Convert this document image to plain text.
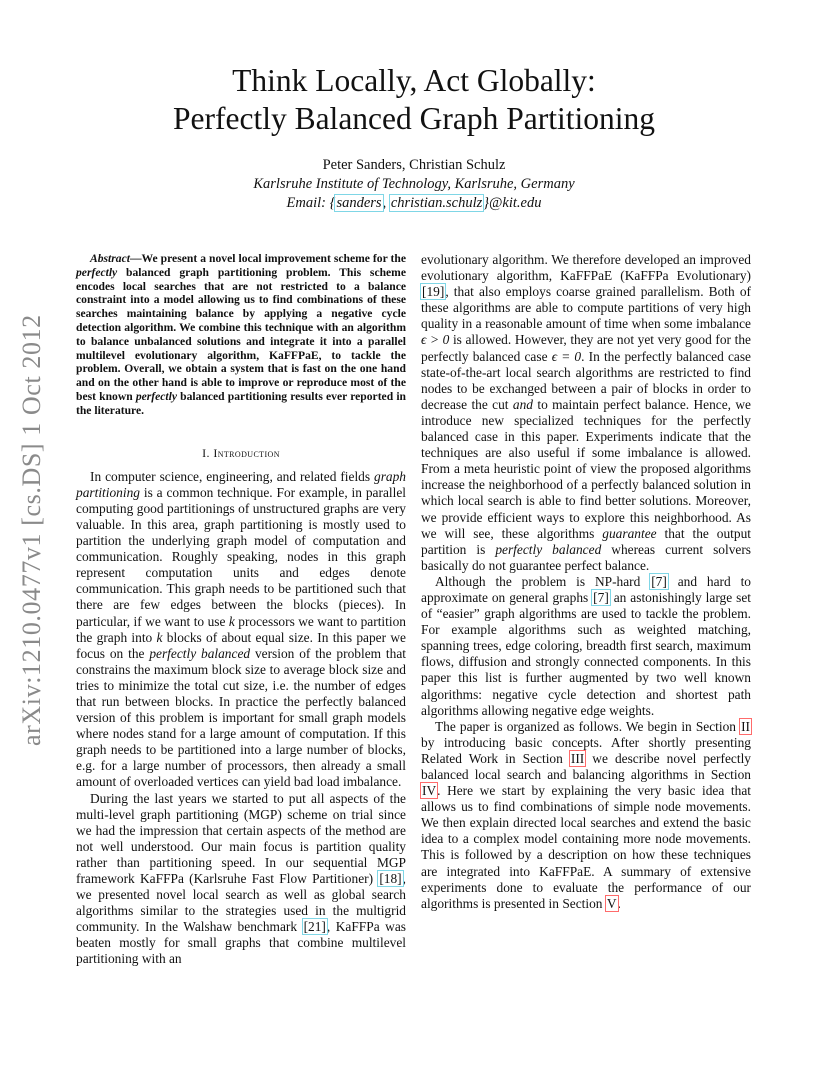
arXiv:1210.0477v1 [cs.DS] 1 Oct 2012
Think Locally, Act Globally:
Perfectly Balanced Graph Partitioning
Peter Sanders, Christian Schulz
Karlsruhe Institute of Technology, Karlsruhe, Germany
Email: {sanders, christian.schulz}@kit.edu

Abstract—We present a novel local improvement scheme for the perfectly balanced graph partitioning problem. This scheme encodes local searches that are not restricted to a balance constraint into a model allowing us to find combinations of these searches maintaining balance by applying a negative cycle detection algorithm. We combine this technique with an algorithm to balance unbalanced solutions and integrate it into a parallel multilevel evolutionary algorithm, KaFFPaE, to tackle the problem. Overall, we obtain a system that is fast on the one hand and on the other hand is able to improve or reproduce most of the best known perfectly balanced partitioning results ever reported in the literature.

I. Introduction

In computer science, engineering, and related fields graph partitioning is a common technique. For example, in parallel computing good partitionings of unstructured graphs are very valuable. In this area, graph partitioning is mostly used to partition the underlying graph model of computation and communication. Roughly speaking, nodes in this graph represent computation units and edges denote communication. This graph needs to be partitioned such that there are few edges between the blocks (pieces). In particular, if we want to use k processors we want to partition the graph into k blocks of about equal size. In this paper we focus on the perfectly balanced version of the problem that constrains the maximum block size to average block size and tries to minimize the total cut size, i.e. the number of edges that run between blocks. In practice the perfectly balanced version of this problem is important for small graph models where nodes stand for a large amount of computation. If this graph needs to be partitioned into a large number of blocks, e.g. for a large number of processors, then already a small amount of overloaded vertices can yield bad load imbalance.

During the last years we started to put all aspects of the multi-level graph partitioning (MGP) scheme on trial since we had the impression that certain aspects of the method are not well understood. Our main focus is partition quality rather than partitioning speed. In our sequential MGP framework KaFFPa (Karlsruhe Fast Flow Partitioner) [18], we presented novel local search as well as global search algorithms similar to the strategies used in the multigrid community. In the Walshaw benchmark [21], KaFFPa was beaten mostly for small graphs that combine multilevel partitioning with an

evolutionary algorithm. We therefore developed an improved evolutionary algorithm, KaFFPaE (KaFFPa Evolutionary) [19], that also employs coarse grained parallelism. Both of these algorithms are able to compute partitions of very high quality in a reasonable amount of time when some imbalance ϵ > 0 is allowed. However, they are not yet very good for the perfectly balanced case ϵ = 0. In the perfectly balanced case state-of-the-art local search algorithms are restricted to find nodes to be exchanged between a pair of blocks in order to decrease the cut and to maintain perfect balance. Hence, we introduce new specialized techniques for the perfectly balanced case in this paper. Experiments indicate that the techniques are also useful if some imbalance is allowed. From a meta heuristic point of view the proposed algorithms increase the neighborhood of a perfectly balanced solution in which local search is able to find better solutions. Moreover, we provide efficient ways to explore this neighborhood. As we will see, these algorithms guarantee that the output partition is perfectly balanced whereas current solvers basically do not guarantee perfect balance.

Although the problem is NP-hard [7] and hard to approximate on general graphs [7] an astonishingly large set of “easier” graph algorithms are used to tackle the problem. For example algorithms such as weighted matching, spanning trees, edge coloring, breadth first search, maximum flows, diffusion and strongly connected components. In this paper this list is further augmented by two well known algorithms: negative cycle detection and shortest path algorithms allowing negative edge weights.

The paper is organized as follows. We begin in Section II by introducing basic concepts. After shortly presenting Related Work in Section III we describe novel perfectly balanced local search and balancing algorithms in Section IV. Here we start by explaining the very basic idea that allows us to find combinations of simple node movements. We then explain directed local searches and extend the basic idea to a complex model containing more node movements. This is followed by a description on how these techniques are integrated into KaFFPaE. A summary of extensive experiments done to evaluate the performance of our algorithms is presented in Section V.
